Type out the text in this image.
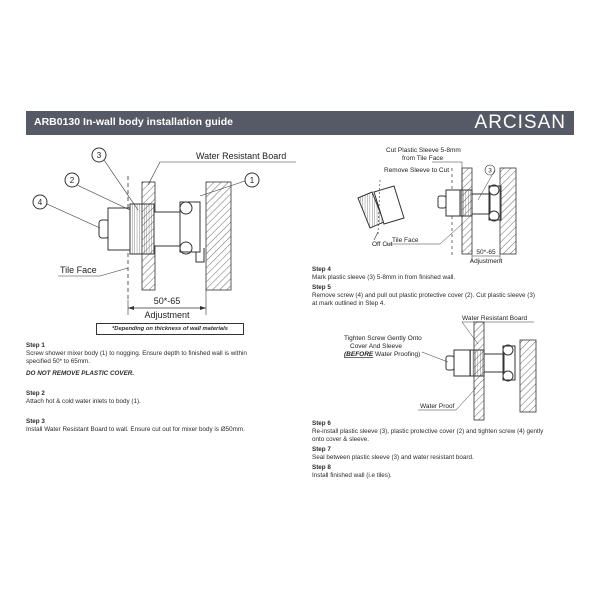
ARB0130 In-wall body installation guide	ARCISAN
3
2
4
1
Water Resistant Board
Tile Face
50*-65
Adjustment
Off Cut
Cut Plastic Sleeve 5-8mm
from Tile Face
Remove Sleeve to Cut	3
Tile Face
50*-65
Adjustment
Water Resistant Board
Tighten Screw Gently Onto
Cover And Sleeve
(BEFORE Water Proofing)
Water Proof
*Depending on thickness of wall materials

Step 1

Screw shower mixer body (1) to nogging. Ensure depth to finished wall is within

specified 50* to 65mm.

DO NOT REMOVE PLASTIC COVER.

Step 2

Attach hot & cold water inlets to body (1).

Step 3

Install Water Resistant Board to wall. Ensure cut out for mixer body is Ø50mm.

Step 4

Mark plastic sleeve (3) 5-8mm in from finished wall.

Step 5

Remove screw (4) and pull out plastic protective cover (2). Cut plastic sleeve (3)

at mark outlined in Step 4.

Step 6

Re-install plastic sleeve (3), plastic protective cover (2) and tighten screw (4) gently

onto cover & sleeve.

Step 7

Seal between plastic sleeve (3) and water resistant board.

Step 8

Install finished wall (i.e tiles).
